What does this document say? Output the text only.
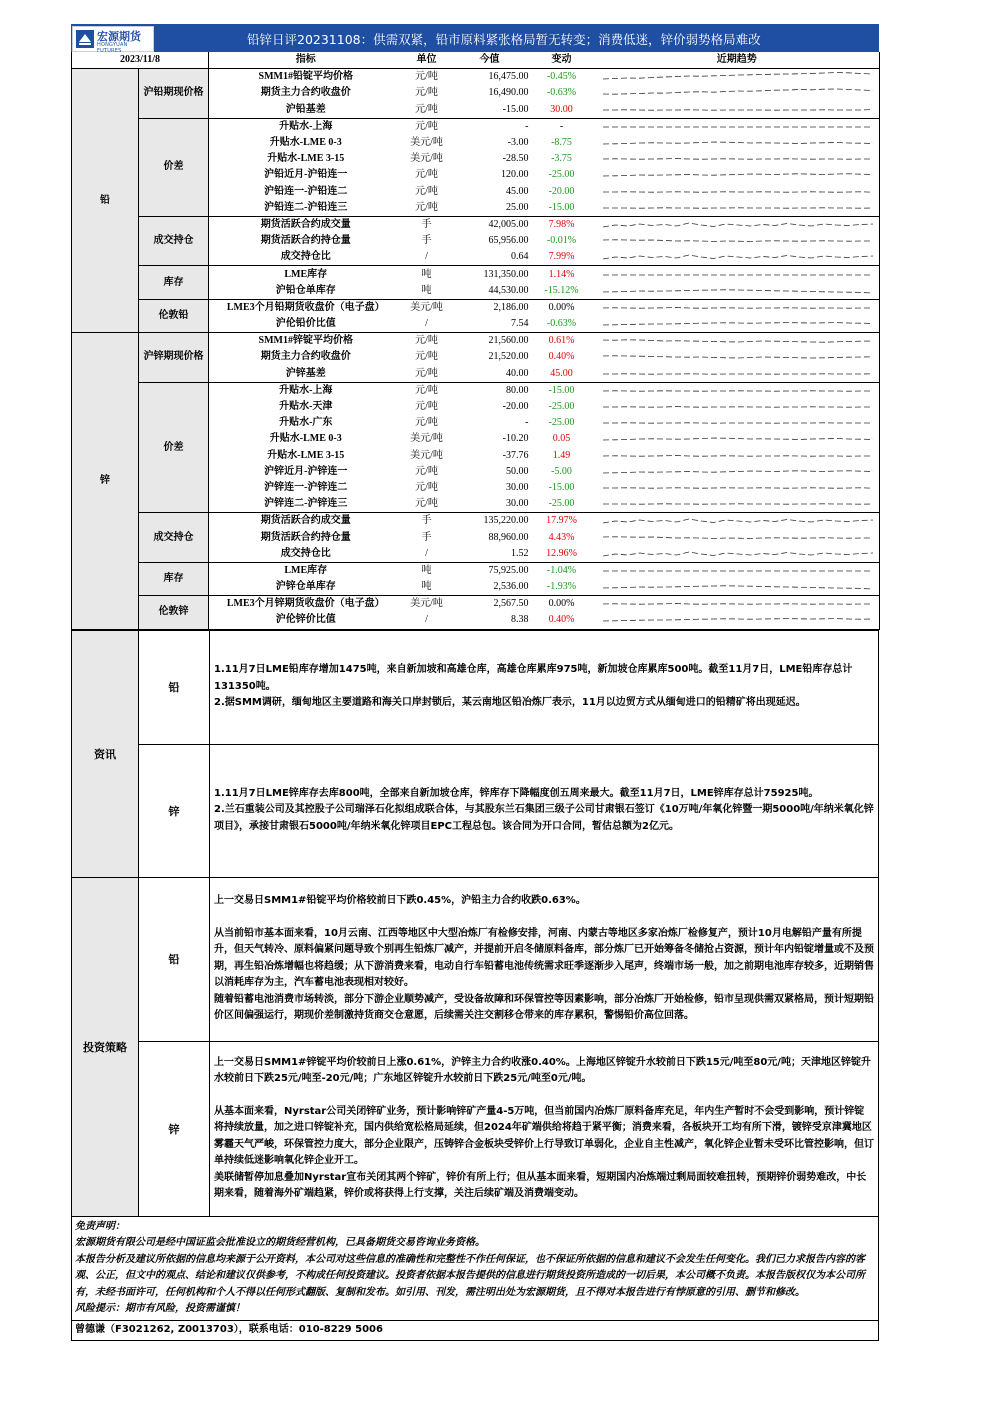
宏源期货
HONGYUAN FUTURES
铅锌日评20231108：供需双紧，铅市原料紧张格局暂无转变；消费低迷，锌价弱势格局难改
2023/11/8		指标	单位	今值	变动	近期趋势
铅	沪铅期现价格	SMM1#铅锭平均价格	元/吨	16,475.00	-0.45%	

		期货主力合约收盘价	元/吨	16,490.00	-0.63%	

		沪铅基差	元/吨	-15.00	30.00	

	价差	升贴水-上海	元/吨	-	-	

		升贴水-LME 0-3	美元/吨	-3.00	-8.75	

		升贴水-LME 3-15	美元/吨	-28.50	-3.75	

		沪铅近月-沪铅连一	元/吨	120.00	-25.00	

		沪铅连一-沪铅连二	元/吨	45.00	-20.00	

		沪铅连二-沪铅连三	元/吨	25.00	-15.00	

	成交持仓	期货活跃合约成交量	手	42,005.00	7.98%	

		期货活跃合约持仓量	手	65,956.00	-0.01%	

		成交持仓比	/	0.64	7.99%	

	库存	LME库存	吨	131,350.00	1.14%	

		沪铅仓单库存	吨	44,530.00	-15.12%	

	伦敦铅	LME3个月铅期货收盘价（电子盘）	美元/吨	2,186.00	0.00%	

		沪伦铅价比值	/	7.54	-0.63%	

锌	沪锌期现价格	SMM1#锌锭平均价格	元/吨	21,560.00	0.61%	

		期货主力合约收盘价	元/吨	21,520.00	0.40%	

		沪锌基差	元/吨	40.00	45.00	

	价差	升贴水-上海	元/吨	80.00	-15.00	

		升贴水-天津	元/吨	-20.00	-25.00	

		升贴水-广东	元/吨	-	-25.00	

		升贴水-LME 0-3	美元/吨	-10.20	0.05	

		升贴水-LME 3-15	美元/吨	-37.76	1.49	

		沪锌近月-沪锌连一	元/吨	50.00	-5.00	

		沪锌连一-沪锌连二	元/吨	30.00	-15.00	

		沪锌连二-沪锌连三	元/吨	30.00	-25.00	

	成交持仓	期货活跃合约成交量	手	135,220.00	17.97%	

		期货活跃合约持仓量	手	88,960.00	4.43%	

		成交持仓比	/	1.52	12.96%	

	库存	LME库存	吨	75,925.00	-1.04%	

		沪锌仓单库存	吨	2,536.00	-1.93%	

	伦敦锌	LME3个月锌期货收盘价（电子盘）	美元/吨	2,567.50	0.00%	

		沪伦锌价比值	/	8.38	0.40%	
资讯
铅

1.11月7日LME铅库存增加1475吨，来自新加坡和高雄仓库，高雄仓库累库975吨，新加坡仓库累库500吨。截至11月7日，LME铅库存总计131350吨。

2.据SMM调研，缅甸地区主要道路和海关口岸封锁后，某云南地区铅冶炼厂表示，11月以边贸方式从缅甸进口的铅精矿将出现延迟。

锌

1.11月7日LME锌库存去库800吨，全部来自新加坡仓库，锌库存下降幅度创五周来最大。截至11月7日，LME锌库存总计75925吨。

2.兰石重装公司及其控股子公司瑞泽石化拟组成联合体，与其股东兰石集团三级子公司甘肃银石签订《10万吨/年氧化锌暨一期5000吨/年纳米氧化锌项目》，承接甘肃银石5000吨/年纳米氧化锌项目EPC工程总包。该合同为开口合同，暂估总额为2亿元。

投资策略
铅

上一交易日SMM1#铅锭平均价格较前日下跌0.45%，沪铅主力合约收跌0.63%。

从当前铅市基本面来看，10月云南、江西等地区中大型冶炼厂有检修安排，河南、内蒙古等地区多家冶炼厂检修复产，预计10月电解铅产量有所提升，但天气转冷、原料偏紧问题导致个别再生铅炼厂减产，并提前开启冬储原料备库，部分炼厂已开始筹备冬储抢占资源，预计年内铅锭增量或不及预期，再生铅冶炼增幅也将趋缓；从下游消费来看，电动自行车铅蓄电池传统需求旺季逐渐步入尾声，终端市场一般，加之前期电池库存较多，近期销售以消耗库存为主，汽车蓄电池表现相对较好。

随着铅蓄电池消费市场转淡，部分下游企业顺势减产，受设备故障和环保管控等因素影响，部分冶炼厂开始检修，铅市呈现供需双紧格局，预计短期铅价区间偏强运行，期现价差制激持货商交仓意愿，后续需关注交割移仓带来的库存累积，警惕铅价高位回落。

锌

上一交易日SMM1#锌锭平均价较前日上涨0.61%，沪锌主力合约收涨0.40%。上海地区锌锭升水较前日下跌15元/吨至80元/吨；天津地区锌锭升水较前日下跌25元/吨至-20元/吨；广东地区锌锭升水较前日下跌25元/吨至0元/吨。

从基本面来看，Nyrstar公司关闭锌矿业务，预计影响锌矿产量4-5万吨，但当前国内冶炼厂原料备库充足，年内生产暂时不会受到影响，预计锌锭将持续放量，加之进口锌锭补充，国内供给宽松格局延续，但2024年矿端供给将趋于紧平衡；消费来看，各板块开工均有所下滑，镀锌受京津冀地区雾霾天气严峻，环保管控力度大，部分企业限产，压铸锌合金板块受锌价上行导致订单弱化，企业自主性减产，氧化锌企业暂未受环比管控影响，但订单持续低迷影响氧化锌企业开工。

美联储暂停加息叠加Nyrstar宣布关闭其两个锌矿，锌价有所上行；但从基本面来看，短期国内冶炼端过剩局面较难扭转，预期锌价弱势难改，中长期来看，随着海外矿端趋紧，锌价或将获得上行支撑，关注后续矿端及消费端变动。

免责声明：

宏源期货有限公司是经中国证监会批准设立的期货经营机构，已具备期货交易咨询业务资格。

本报告分析及建议所依据的信息均来源于公开资料，本公司对这些信息的准确性和完整性不作任何保证，也不保证所依据的信息和建议不会发生任何变化。我们已力求报告内容的客观、公正，但文中的观点、结论和建议仅供参考，不构成任何投资建议。投资者依据本报告提供的信息进行期货投资所造成的一切后果，本公司概不负责。本报告版权仅为本公司所有，未经书面许可，任何机构和个人不得以任何形式翻版、复制和发布。如引用、刊发，需注明出处为宏源期货，且不得对本报告进行有悖原意的引用、删节和修改。

风险提示：期市有风险，投资需谨慎！

曾德谦（F3021262, Z0013703），联系电话：010-8229 5006
